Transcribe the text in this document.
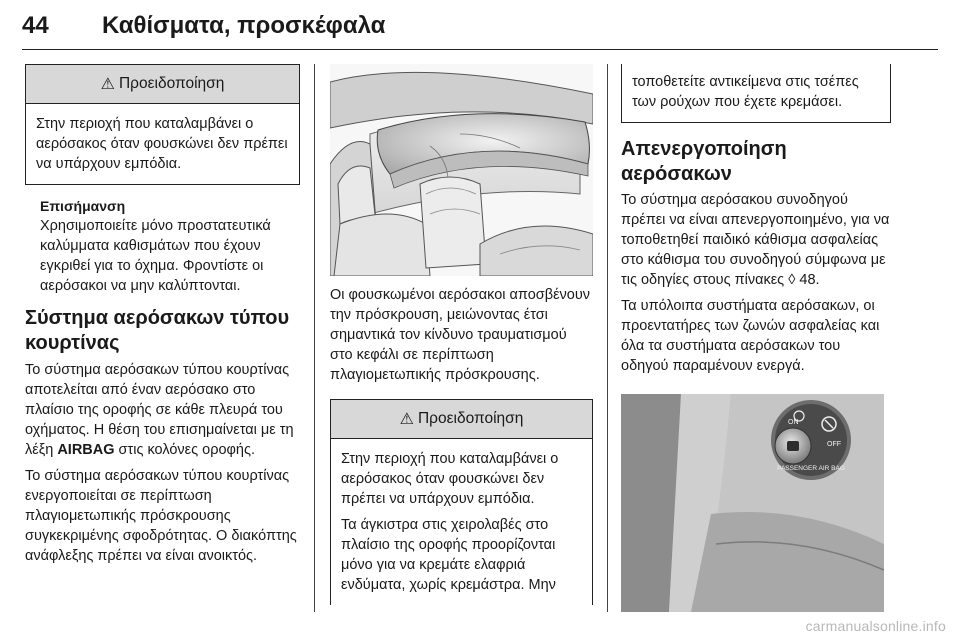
44 Καθίσματα, προσκέφαλα
⚠ Προειδοποίηση

Στην περιοχή που καταλαμβάνει ο αερόσακος όταν φουσκώνει δεν πρέπει να υπάρχουν εμπόδια.

Επισήμανση

Χρησιμοποιείτε μόνο προστατευτικά καλύμματα καθισμάτων που έχουν εγκριθεί για το όχημα. Φροντίστε οι αερόσακοι να μην καλύπτονται.

Σύστημα αερόσακων τύπου κουρτίνας

Το σύστημα αερόσακων τύπου κουρτίνας αποτελείται από έναν αερόσακο στο πλαίσιο της οροφής σε κάθε πλευρά του οχήματος. Η θέση του επισημαίνεται με τη λέξη AIRBAG στις κολόνες οροφής.

Το σύστημα αερόσακων τύπου κουρτίνας ενεργοποιείται σε περίπτωση πλαγιομετωπικής πρόσκρουσης συγκεκριμένης σφοδρότητας. Ο διακόπτης ανάφλεξης πρέπει να είναι ανοικτός.

Οι φουσκωμένοι αερόσακοι αποσβένουν την πρόσκρουση, μειώνοντας έτσι σημαντικά τον κίνδυνο τραυματισμού στο κεφάλι σε περίπτωση πλαγιομετωπικής πρόσκρουσης.

⚠ Προειδοποίηση

Στην περιοχή που καταλαμβάνει ο αερόσακος όταν φουσκώνει δεν πρέπει να υπάρχουν εμπόδια.

Τα άγκιστρα στις χειρολαβές στο πλαίσιο της οροφής προορίζονται μόνο για να κρεμάτε ελαφριά ενδύματα, χωρίς κρεμάστρα. Μην

τοποθετείτε αντικείμενα στις τσέπες των ρούχων που έχετε κρεμάσει.

Απενεργοποίηση αερόσακων

Το σύστημα αερόσακου συνοδηγού πρέπει να είναι απενεργοποιημένο, για να τοποθετηθεί παιδικό κάθισμα ασφαλείας στο κάθισμα του συνοδηγού σύμφωνα με τις οδηγίες στους πίνακες ◊ 48.

Τα υπόλοιπα συστήματα αερόσακων, οι προεντατήρες των ζωνών ασφαλείας και όλα τα συστήματα αερόσακων του οδηγού παραμένουν ενεργά.

ON
OFF
PASSENGER AIR BAG
carmanualsonline.info
